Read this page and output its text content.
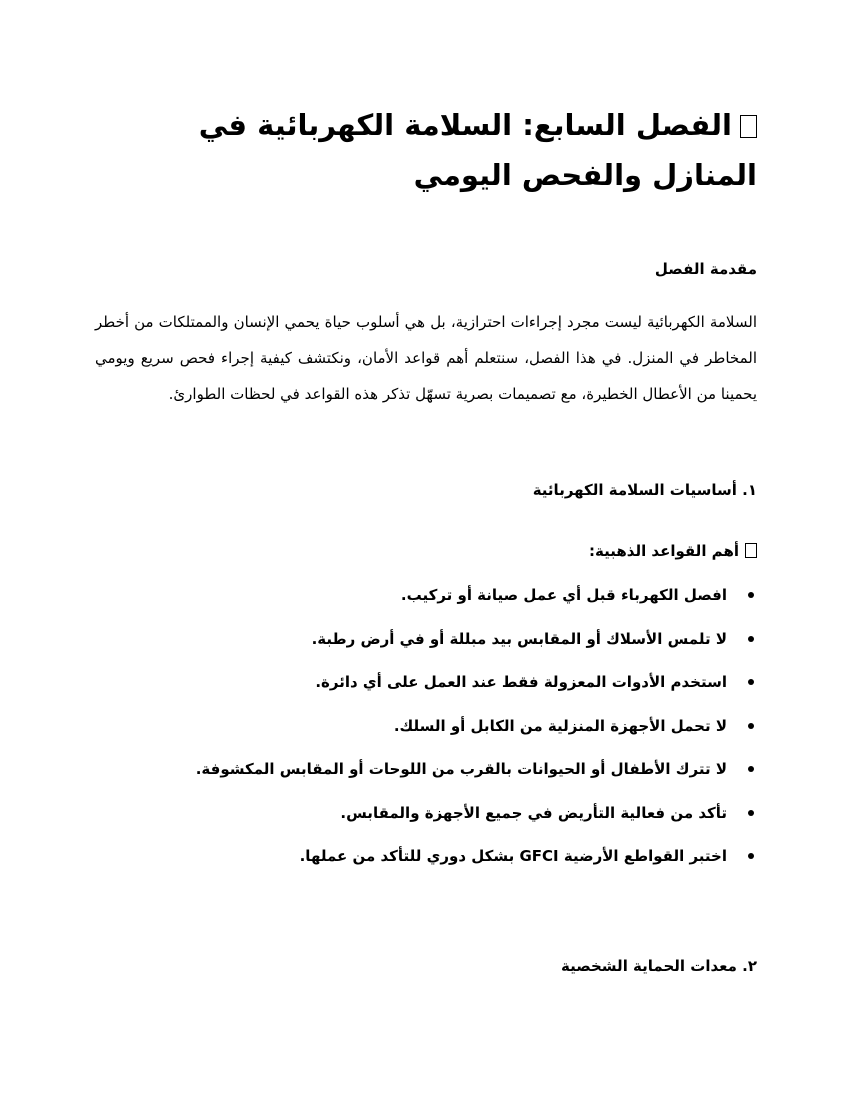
الفصل السابع: السلامة الكهربائية في المنازل والفحص اليومي
مقدمة الفصل

السلامة الكهربائية ليست مجرد إجراءات احترازية، بل هي أسلوب حياة يحمي الإنسان والممتلكات من أخطر المخاطر في المنزل. في هذا الفصل، سنتعلم أهم قواعد الأمان، ونكتشف كيفية إجراء فحص سريع ويومي يحمينا من الأعطال الخطيرة، مع تصميمات بصرية تسهّل تذكر هذه القواعد في لحظات الطوارئ.

١. أساسيات السلامة الكهربائية
أهم القواعد الذهبية:
افصل الكهرباء قبل أي عمل صيانة أو تركيب.
لا تلمس الأسلاك أو المقابس بيد مبللة أو في أرض رطبة.
استخدم الأدوات المعزولة فقط عند العمل على أي دائرة.
لا تحمل الأجهزة المنزلية من الكابل أو السلك.
لا تترك الأطفال أو الحيوانات بالقرب من اللوحات أو المقابس المكشوفة.
تأكد من فعالية التأريض في جميع الأجهزة والمقابس.
اختبر القواطع الأرضية GFCI بشكل دوري للتأكد من عملها.
٢. معدات الحماية الشخصية
